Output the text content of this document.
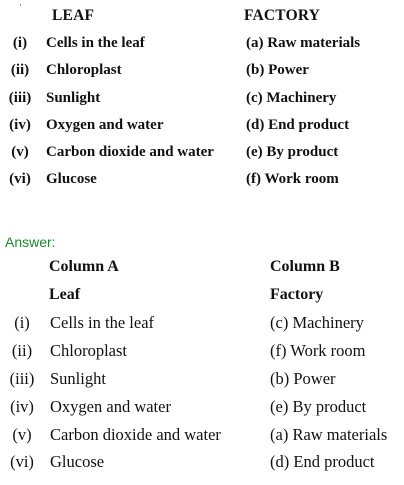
LEAF	FACTORY
(i)	Cells in the leaf	(a) Raw materials
(ii)	Chloroplast	(b) Power
(iii) Sunlight	(c) Machinery
(iv)	Oxygen and water	(d) End product
(v)	Carbon dioxide and water (e) By product
(vi)	Glucose	(f) Work room
Answer:
Column A	Column B
Leaf	Factory
(i)	Cells in the leaf	(c) Machinery
(ii)	Chloroplast	(f) Work room
(iii) Sunlight	(b) Power
(iv) Oxygen and water	(e) By product
(v)	Carbon dioxide and water	(a) Raw materials
(vi) Glucose	(d) End product
